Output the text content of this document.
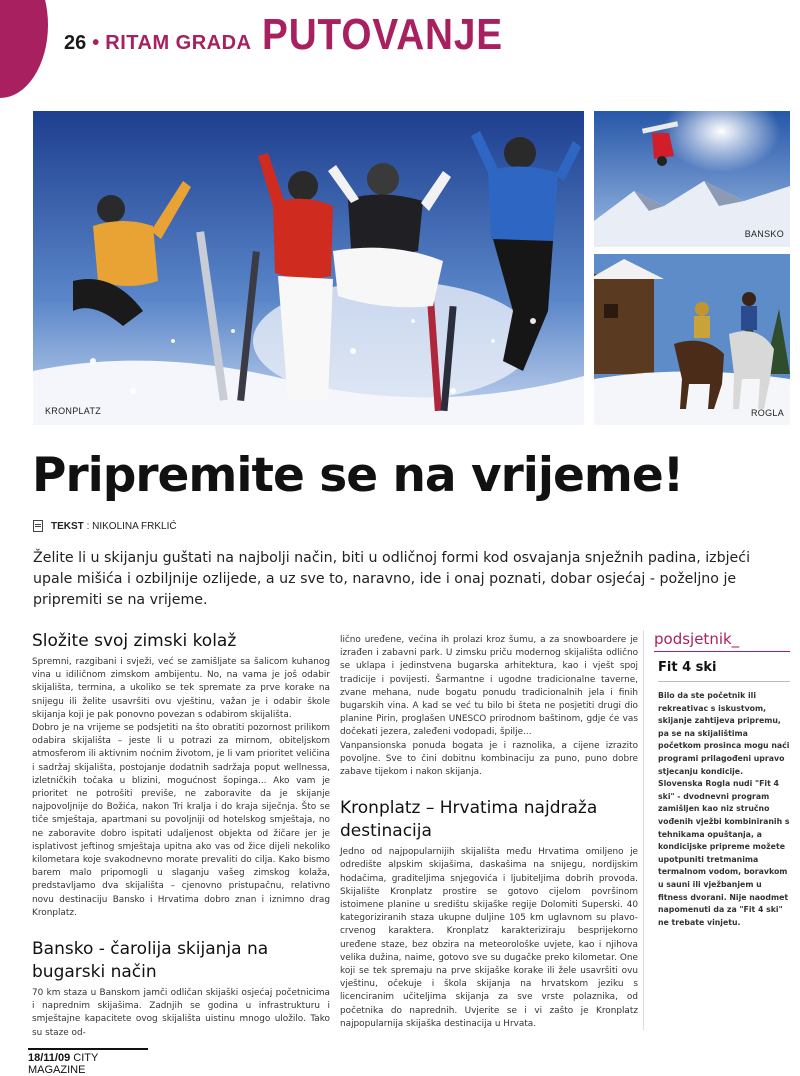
26 • RITAM GRADA PUTOVANJE
KRONPLATZ
BANSKO
ROGLA
Pripremite se na vrijeme!
TEKST : NIKOLINA FRKLIĆ
Želite li u skijanju guštati na najbolji način, biti u odličnoj formi kod osvajanja snježnih padina, izbjeći upale mišića i ozbiljnije ozlijede, a uz sve to, naravno, ide i onaj poznati, dobar osjećaj - poželjno je pripremiti se na vrijeme.
Složite svoj zimski kolaž

Spremni, razgibani i svježi, već se zamišljate sa šalicom kuhanog vina u idiličnom zimskom ambijentu. No, na vama je još odabir skijališta, termina, a ukoliko se tek spremate za prve korake na snijegu ili želite usavršiti ovu vještinu, važan je i odabir škole skijanja koji je pak ponovno povezan s odabirom skijališta.

Dobro je na vrijeme se podsjetiti na što obratiti pozornost prilikom odabira skijališta – jeste li u potrazi za mirnom, obiteljskom atmosferom ili aktivnim noćnim životom, je li vam prioritet veličina i sadržaj skijališta, postojanje dodatnih sadržaja poput wellnessa, izletničkih točaka u blizini, mogućnost šopinga... Ako vam je prioritet ne potrošiti previše, ne zaboravite da je skijanje najpovoljnije do Božića, nakon Tri kralja i do kraja siječnja. Što se tiče smještaja, apartmani su povoljniji od hotelskog smještaja, no ne zaboravite dobro ispitati udaljenost objekta od žičare jer je isplativost jeftinog smještaja upitna ako vas od žice dijeli nekoliko kilometara koje svakodnevno morate prevaliti do cilja. Kako bismo barem malo pripomogli u slaganju vašeg zimskog kolaža, predstavljamo dva skijališta – cjenovno pristupačnu, relativno novu destinaciju Bansko i Hrvatima dobro znan i iznimno drag Kronplatz.

Bansko - čarolija skijanja na bugarski način

70 km staza u Banskom jamči odličan skijaški osjećaj početnicima i naprednim skijašima. Zadnjih se godina u infrastrukturu i smještajne kapacitete ovog skijališta uistinu mnogo uložilo. Tako su staze od-

lično uređene, većina ih prolazi kroz šumu, a za snowboardere je izrađen i zabavni park. U zimsku priču modernog skijališta odlično se uklapa i jedinstvena bugarska arhitektura, kao i vješt spoj tradicije i povijesti. Šarmantne i ugodne tradicionalne taverne, zvane mehana, nude bogatu ponudu tradicionalnih jela i finih bugarskih vina. A kad se već tu bilo bi šteta ne posjetiti drugi dio planine Pirin, proglašen UNESCO prirodnom baštinom, gdje će vas dočekati jezera, zaleđeni vodopadi, špilje...

Vanpansionska ponuda bogata je i raznolika, a cijene izrazito povoljne. Sve to čini dobitnu kombinaciju za puno, puno dobre zabave tijekom i nakon skijanja.

Kronplatz – Hrvatima najdraža destinacija

Jedno od najpopularnijih skijališta među Hrvatima omiljeno je odredište alpskim skijašima, daskašima na snijegu, nordijskim hodačima, graditeljima snjegovića i ljubiteljima dobrih provoda. Skijalište Kronplatz prostire se gotovo cijelom površinom istoimene planine u središtu skijaške regije Dolomiti Superski. 40 kategoriziranih staza ukupne duljine 105 km uglavnom su plavo-crvenog karaktera. Kronplatz karakteriziraju besprijekorno uređene staze, bez obzira na meteorološke uvjete, kao i njihova velika dužina, naime, gotovo sve su dugačke preko kilometar. One koji se tek spremaju na prve skijaške korake ili žele usavršiti ovu vještinu, očekuje i škola skijanja na hrvatskom jeziku s licenciranim učiteljima skijanja za sve vrste polaznika, od početnika do naprednih. Uvjerite se i vi zašto je Kronplatz najpopularnija skijaška destinacija u Hrvata.

podsjetnik_
Fit 4 ski
Bilo da ste početnik ili rekreativac s iskustvom, skijanje zahtijeva pripremu, pa se na skijalištima početkom prosinca mogu naći programi prilagođeni upravo stjecanju kondicije. Slovenska Rogla nudi "Fit 4 ski" - dvodnevni program zamišljen kao niz stručno vođenih vježbi kombiniranih s tehnikama opuštanja, a kondicijske pripreme možete upotpuniti tretmanima termalnom vodom, boravkom u sauni ili vježbanjem u fitness dvorani. Nije naodmet napomenuti da za "Fit 4 ski" ne trebate vinjetu.
18/11/09 CITY MAGAZINE
